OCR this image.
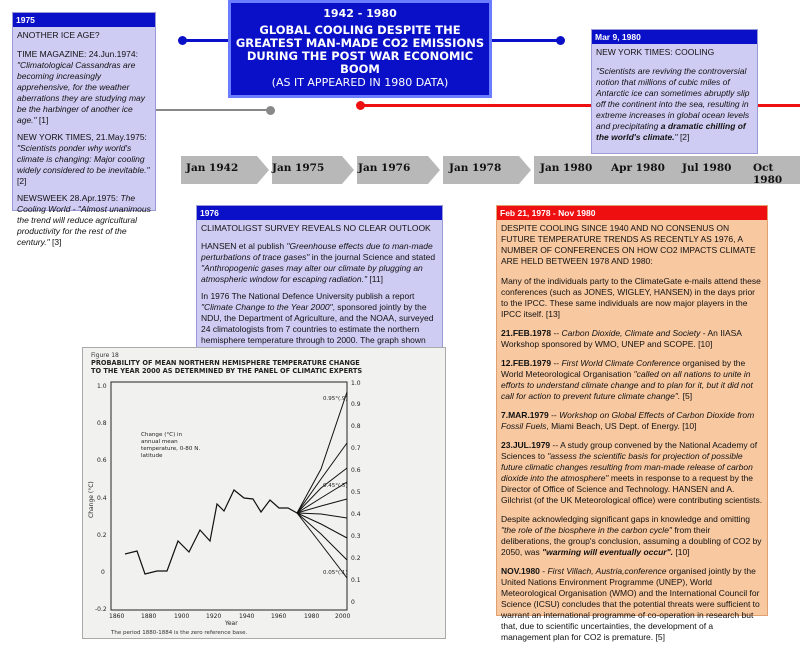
1942 - 1980
GLOBAL COOLING DESPITE THE GREATEST MAN-MADE CO2 EMISSIONS DURING THE POST WAR ECONOMIC BOOM
(AS IT APPEARED IN 1980 DATA)
1975

ANOTHER ICE AGE?

TIME MAGAZINE: 24.Jun.1974: "Climatological Cassandras are becoming increasingly apprehensive, for the weather aberrations they are studying may be the harbinger of another ice age." [1]

NEW YORK TIMES, 21.May.1975: "Scientists ponder why world's climate is changing: Major cooling widely considered to be inevitable." [2]

NEWSWEEK 28.Apr.1975: The Cooling World - "Almost unanimous the trend will reduce agricultural productivity for the rest of the century." [3]

Mar 9, 1980

NEW YORK TIMES: COOLING

"Scientists are reviving the controversial notion that millions of cubic miles of Antarctic ice can sometimes abruptly slip off the continent into the sea, resulting in extreme increases in global ocean levels and precipitating a dramatic chilling of the world's climate." [2]

Jan 1942	Jan 1975	Jan 1976	Jan 1978	Jan 1980 Apr 1980 Jul 1980 Oct 1980
1976

CLIMATOLIGST SURVEY REVEALS NO CLEAR OUTLOOK

HANSEN et al publish "Greenhouse effects due to man-made perturbations of trace gases" in the journal Science and stated "Anthropogenic gases may alter our climate by plugging an atmospheric window for escaping radiation." [11]

In 1976 The National Defence University publish a report "Climate Change to the Year 2000", sponsored jointly by the NDU, the Department of Agriculture, and the NOAA, surveyed 24 climatologists from 7 countries to estimate the northern hemisphere temperature through to 2000. The graph shown

Feb 21, 1978 - Nov 1980

DESPITE COOLING SINCE 1940 AND NO CONSENUS ON FUTURE TEMPERATURE TRENDS AS RECENTLY AS 1976, A NUMBER OF CONFERENCES ON HOW CO2 IMPACTS CLIMATE ARE HELD BETWEEN 1978 AND 1980:

Many of the individuals party to the ClimateGate e-mails attend these conferences (such as JONES, WIGLEY, HANSEN) in the days prior to the IPCC. These same individuals are now major players in the IPCC itself. [13]

21.FEB.1978 -- Carbon Dioxide, Climate and Society - An IIASA Workshop sponsored by WMO, UNEP and SCOPE. [10]

12.FEB.1979 -- First World Climate Conference organised by the World Meteorological Organisation "called on all nations to unite in efforts to understand climate change and to plan for it, but it did not call for action to prevent future climate change". [5]

7.MAR.1979 -- Workshop on Global Effects of Carbon Dioxide from Fossil Fuels, Miami Beach, US Dept. of Energy. [10]

23.JUL.1979 -- A study group convened by the National Academy of Sciences to "assess the scientific basis for projection of possible future climatic changes resulting from man-made release of carbon dioxide into the atmosphere" meets in response to a request by the Director of Office of Science and Technology. HANSEN and A. Gilchrist (of the UK Meteorological office) were contributing scientists.

Despite acknowledging significant gaps in knowledge and omitting "the role of the biosphere in the carbon cycle" from their deliberations, the group's conclusion, assuming a doubling of CO2 by 2050, was "warming will eventually occur". [10]

NOV.1980 - First Villach, Austria,conference organised jointly by the United Nations Environment Programme (UNEP), World Meteorological Organisation (WMO) and the International Council for Science (ICSU) concludes that the potential threats were sufficient to warrant an international programme of co-operation in research but that, due to scientific uncertainties, the development of a management plan for CO2 is premature. [5]

Figure 18
PROBABILITY OF MEAN NORTHERN HEMISPHERE TEMPERATURE CHANGE
TO THE YEAR 2000 AS DETERMINED BY THE PANEL OF CLIMATIC EXPERTS
1.0
0.8
0.6
0.4
0.2
0
-0.2
Change (°C)
Change (°C) in annual mean temperature, 0-80 N. latitude
1.0
0.9
0.8
0.7
0.6
0.5
0.4
0.3
0.2
0.1
0
0.95°(.9)
0.45°(.5)
0.05°(.1)
1860	1880	1900	1920	1940	1960	1980	2000
Year
The period 1880-1884 is the zero reference base.
